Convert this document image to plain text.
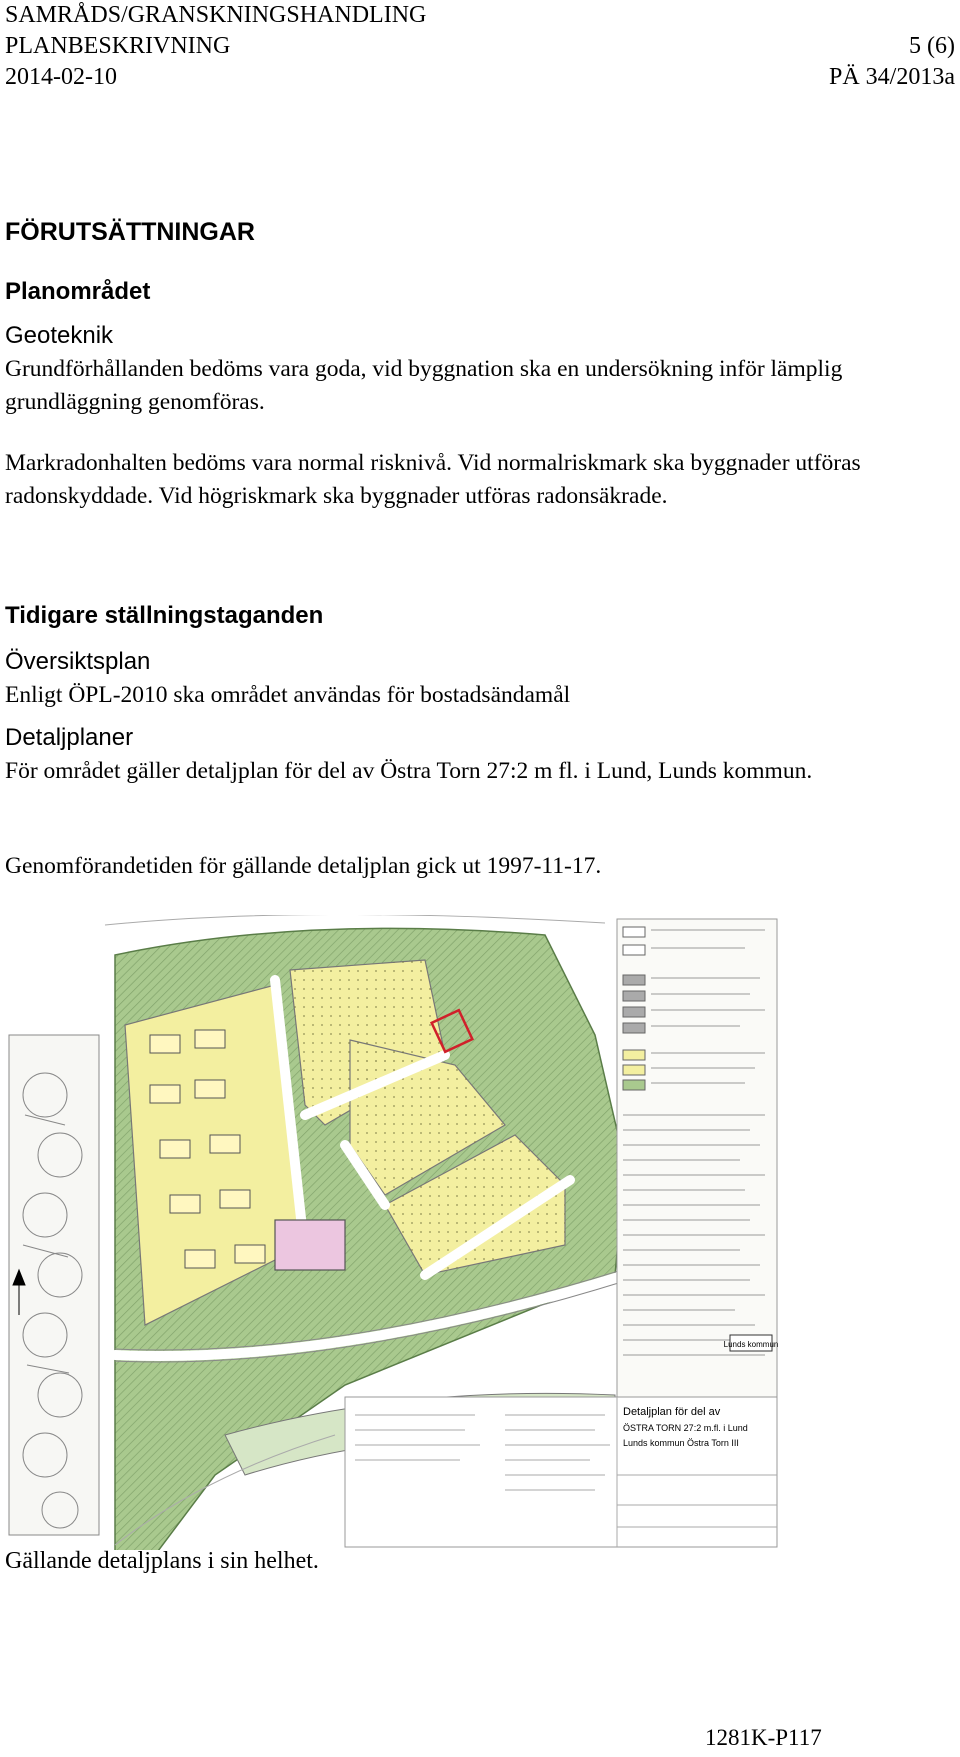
SAMRÅDS/GRANSKNINGSHANDLING
PLANBESKRIVNING	5 (6)
2014-02-10	PÄ 34/2013a
FÖRUTSÄTTNINGAR
Planområdet
Geoteknik
Grundförhållanden bedöms vara goda, vid byggnation ska en undersökning inför lämplig grundläggning genomföras.
Markradonhalten bedöms vara normal risknivå. Vid normalriskmark ska byggnader utföras radonskyddade. Vid högriskmark ska byggnader utföras radonsäkrade.
Tidigare ställningstaganden
Översiktsplan
Enligt ÖPL-2010 ska området användas för bostadsändamål
Detaljplaner
För området gäller detaljplan för del av Östra Torn 27:2 m fl. i Lund, Lunds kommun.
Genomförandetiden för gällande detaljplan gick ut 1997-11-17.
Lunds kommun
Detaljplan för del av
ÖSTRA TORN 27:2 m.fl. i Lund
Lunds kommun Östra Torn III
Gällande detaljplans i sin helhet.
1281K-P117
